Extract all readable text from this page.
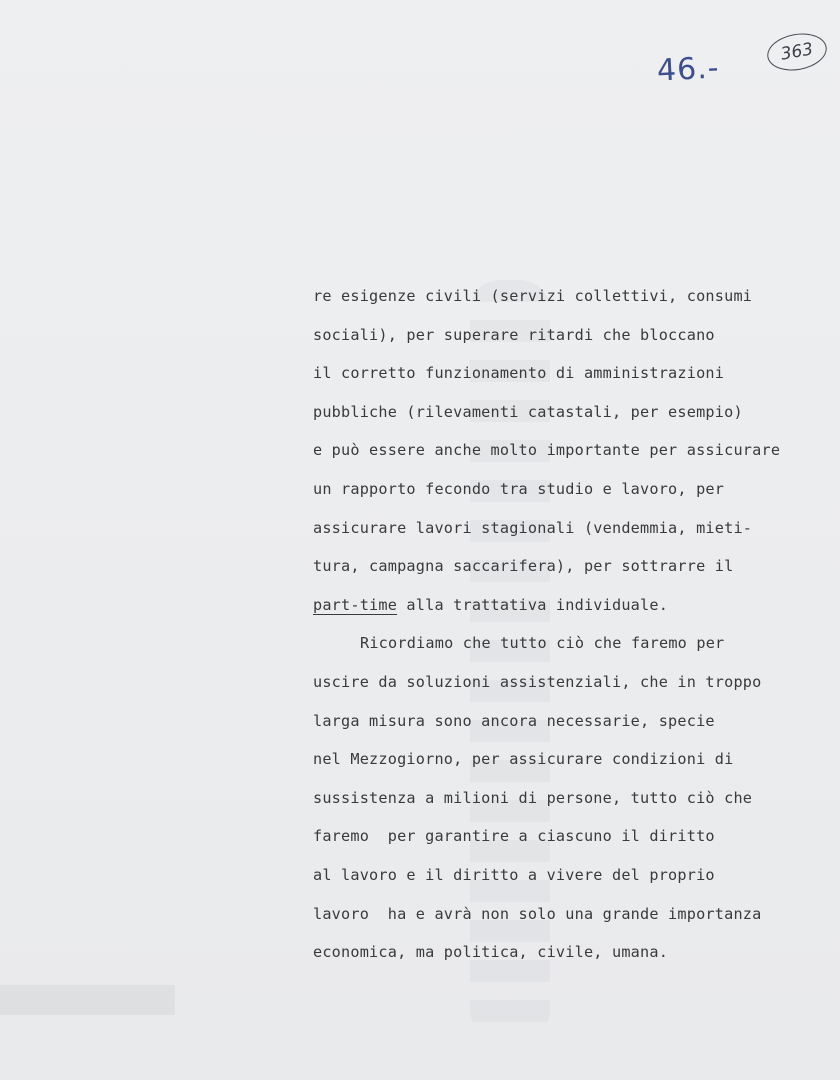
46.-	363
re esigenze civili (servizi collettivi, consumi
sociali), per superare ritardi che bloccano
il corretto funzionamento di amministrazioni
pubbliche (rilevamenti catastali, per esempio)
e può essere anche molto importante per assicurare
un rapporto fecondo tra studio e lavoro, per
assicurare lavori stagionali (vendemmia, mieti-
tura, campagna saccarifera), per sottrarre il
part-time alla trattativa individuale.
Ricordiamo che tutto ciò che faremo per
uscire da soluzioni assistenziali, che in troppo
larga misura sono ancora necessarie, specie
nel Mezzogiorno, per assicurare condizioni di
sussistenza a milioni di persone, tutto ciò che
faremo  per garantire a ciascuno il diritto
al lavoro e il diritto a vivere del proprio
lavoro  ha e avrà non solo una grande importanza
economica, ma politica, civile, umana.
